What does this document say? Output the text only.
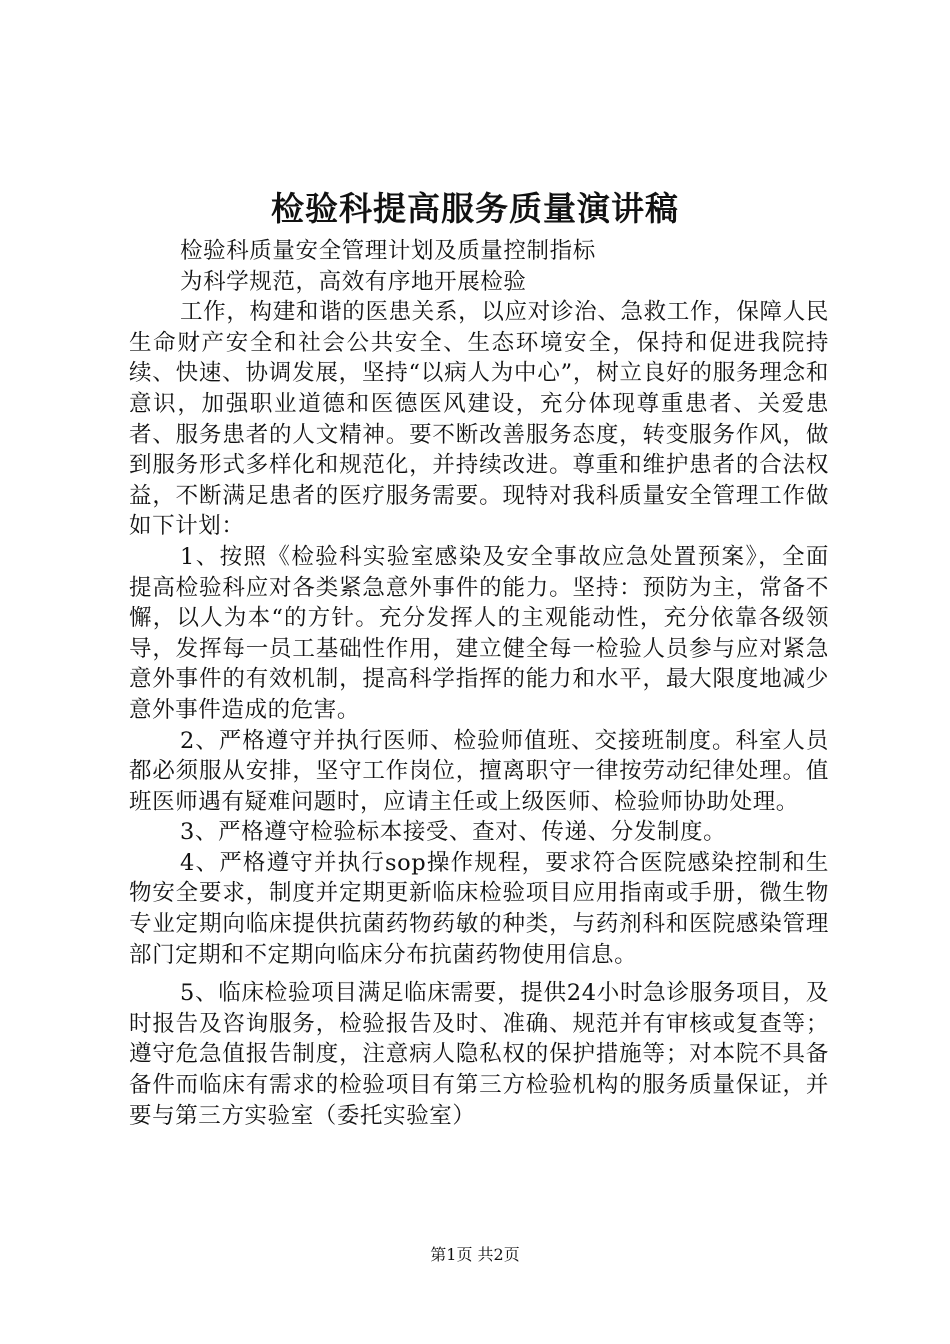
检验科提高服务质量演讲稿

检验科质量安全管理计划及质量控制指标

为科学规范，高效有序地开展检验

工作，构建和谐的医患关系，以应对诊治、急救工作，保障人民生命财产安全和社会公共安全、生态环境安全，保持和促进我院持续、快速、协调发展，坚持“以病人为中心”，树立良好的服务理念和意识，加强职业道德和医德医风建设，充分体现尊重患者、关爱患者、服务患者的人文精神。要不断改善服务态度，转变服务作风，做到服务形式多样化和规范化，并持续改进。尊重和维护患者的合法权益，不断满足患者的医疗服务需要。现特对我科质量安全管理工作做如下计划：

1、按照《检验科实验室感染及安全事故应急处置预案》，全面提高检验科应对各类紧急意外事件的能力。坚持：预防为主，常备不懈，以人为本“的方针。充分发挥人的主观能动性，充分依靠各级领导，发挥每一员工基础性作用，建立健全每一检验人员参与应对紧急意外事件的有效机制，提高科学指挥的能力和水平，最大限度地减少意外事件造成的危害。

2、严格遵守并执行医师、检验师值班、交接班制度。科室人员都必须服从安排，坚守工作岗位，擅离职守一律按劳动纪律处理。值班医师遇有疑难问题时，应请主任或上级医师、检验师协助处理。

3、严格遵守检验标本接受、查对、传递、分发制度。

4、严格遵守并执行sop操作规程，要求符合医院感染控制和生物安全要求，制度并定期更新临床检验项目应用指南或手册，微生物专业定期向临床提供抗菌药物药敏的种类，与药剂科和医院感染管理部门定期和不定期向临床分布抗菌药物使用信息。

5、临床检验项目满足临床需要，提供24小时急诊服务项目，及时报告及咨询服务，检验报告及时、准确、规范并有审核或复查等；遵守危急值报告制度，注意病人隐私权的保护措施等；对本院不具备备件而临床有需求的检验项目有第三方检验机构的服务质量保证，并要与第三方实验室（委托实验室）

第1页 共2页
